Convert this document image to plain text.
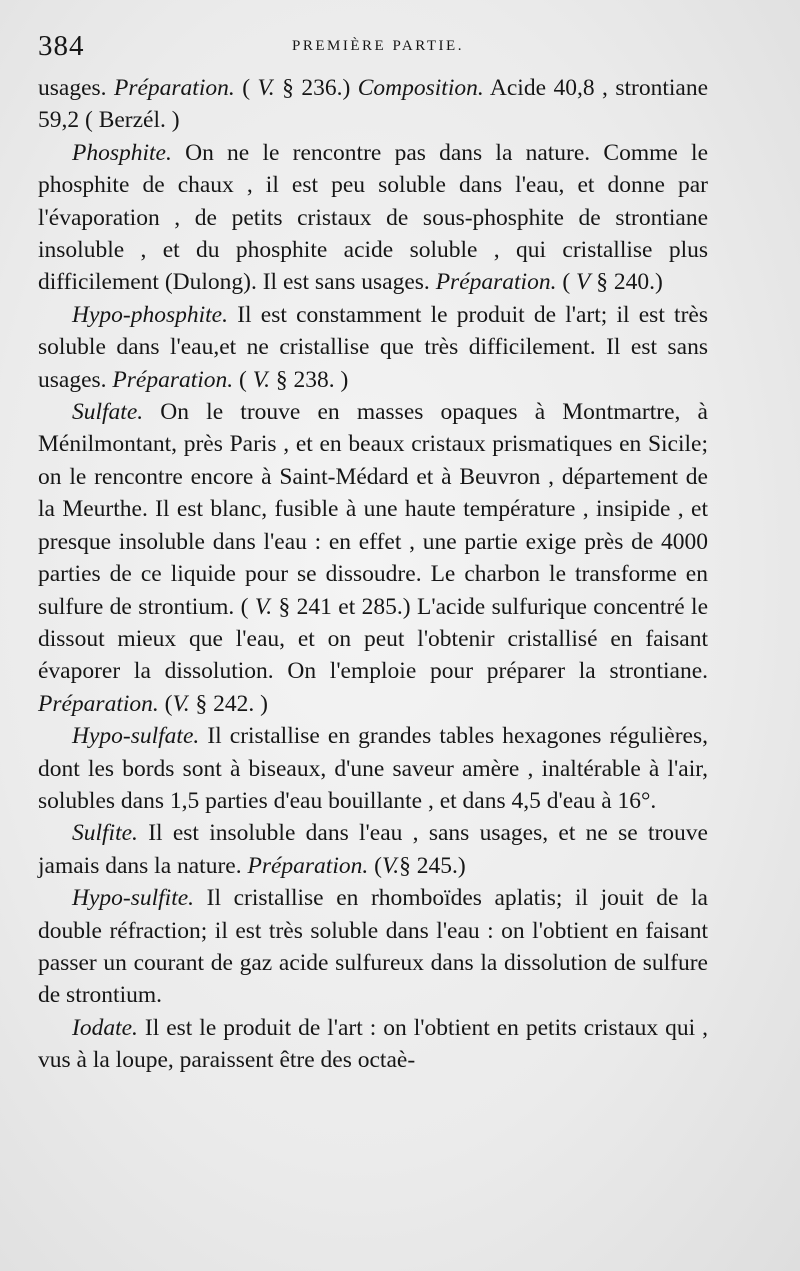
384	PREMIÈRE PARTIE.

usages. Préparation. ( V. § 236.) Composition. Acide 40,8 , strontiane 59,2 ( Berzél. )

Phosphite. On ne le rencontre pas dans la nature. Comme le phosphite de chaux , il est peu soluble dans l'eau, et donne par l'évaporation , de petits cristaux de sous-phosphite de strontiane insoluble , et du phosphite acide soluble , qui cristallise plus difficilement (Dulong). Il est sans usages. Préparation. ( V § 240.)

Hypo-phosphite. Il est constamment le produit de l'art; il est très soluble dans l'eau,et ne cristallise que très difficilement. Il est sans usages. Préparation. ( V. § 238. )

Sulfate. On le trouve en masses opaques à Montmartre, à Ménilmontant, près Paris , et en beaux cristaux prismatiques en Sicile; on le rencontre encore à Saint-Médard et à Beuvron , département de la Meurthe. Il est blanc, fusible à une haute température , insipide , et presque insoluble dans l'eau : en effet , une partie exige près de 4000 parties de ce liquide pour se dissoudre. Le charbon le transforme en sulfure de strontium. ( V. § 241 et 285.) L'acide sulfurique concentré le dissout mieux que l'eau, et on peut l'obtenir cristallisé en faisant évaporer la dissolution. On l'emploie pour préparer la strontiane. Préparation. (V. § 242. )

Hypo-sulfate. Il cristallise en grandes tables hexagones régulières, dont les bords sont à biseaux, d'une saveur amère , inaltérable à l'air, solubles dans 1,5 parties d'eau bouillante , et dans 4,5 d'eau à 16°.

Sulfite. Il est insoluble dans l'eau , sans usages, et ne se trouve jamais dans la nature. Préparation. (V.§ 245.)

Hypo-sulfite. Il cristallise en rhomboïdes aplatis; il jouit de la double réfraction; il est très soluble dans l'eau : on l'obtient en faisant passer un courant de gaz acide sulfureux dans la dissolution de sulfure de strontium.

Iodate. Il est le produit de l'art : on l'obtient en petits cristaux qui , vus à la loupe, paraissent être des octaè-
